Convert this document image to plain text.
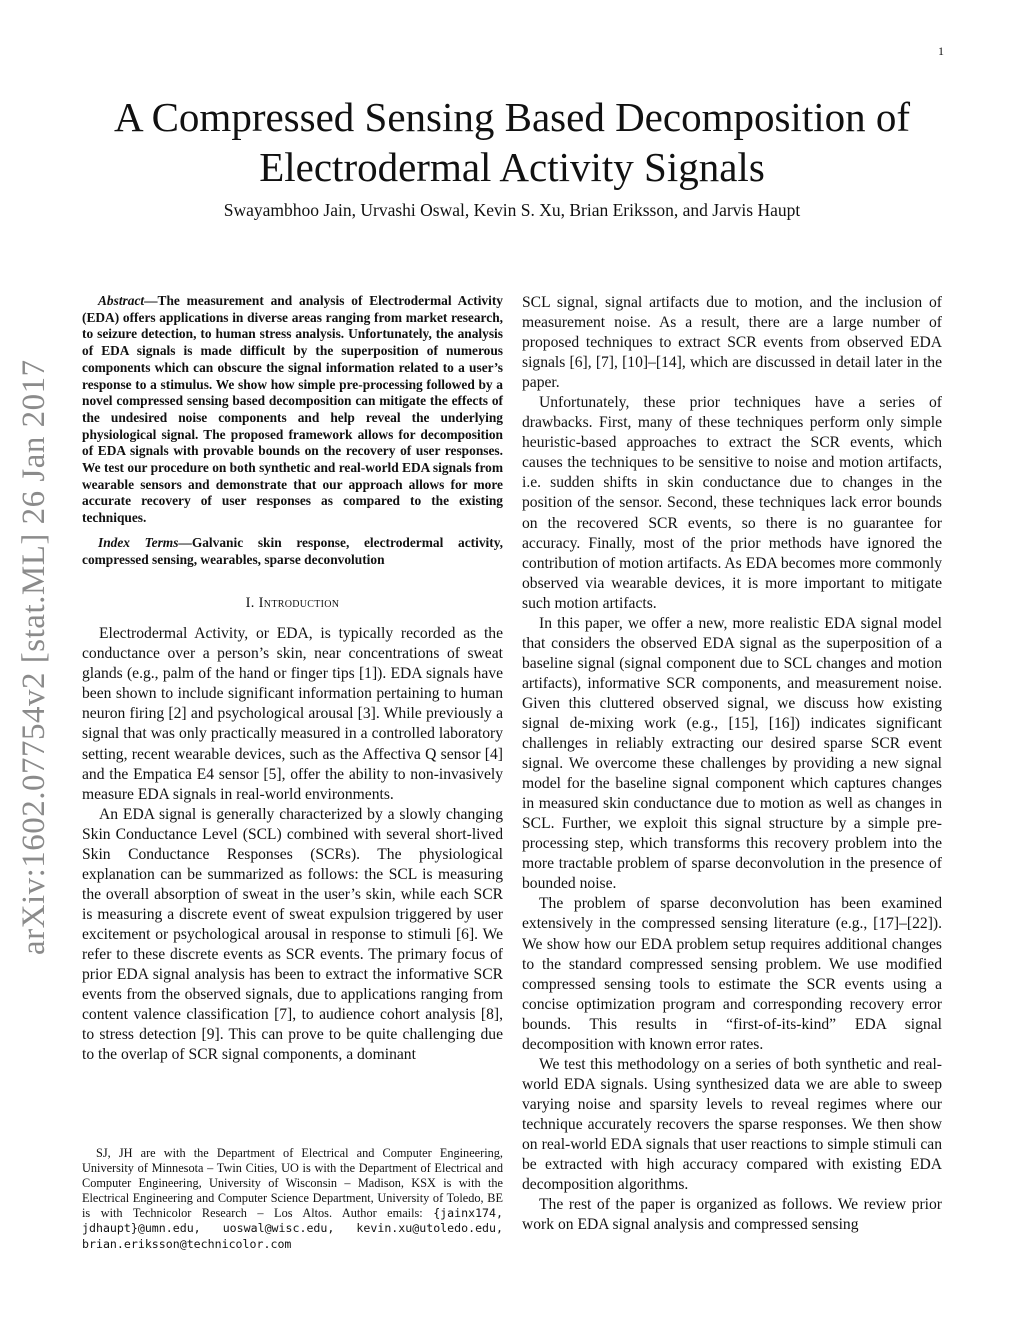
1
arXiv:1602.07754v2 [stat.ML] 26 Jan 2017
A Compressed Sensing Based Decomposition of Electrodermal Activity Signals
Swayambhoo Jain, Urvashi Oswal, Kevin S. Xu, Brian Eriksson, and Jarvis Haupt

Abstract—The measurement and analysis of Electrodermal Activity (EDA) offers applications in diverse areas ranging from market research, to seizure detection, to human stress analysis. Unfortunately, the analysis of EDA signals is made difficult by the superposition of numerous components which can obscure the signal information related to a user’s response to a stimulus. We show how simple pre-processing followed by a novel compressed sensing based decomposition can mitigate the effects of the undesired noise components and help reveal the underlying physiological signal. The proposed framework allows for decomposition of EDA signals with provable bounds on the recovery of user responses. We test our procedure on both synthetic and real-world EDA signals from wearable sensors and demonstrate that our approach allows for more accurate recovery of user responses as compared to the existing techniques.

Index Terms—Galvanic skin response, electrodermal activity, compressed sensing, wearables, sparse deconvolution

I. Introduction

Electrodermal Activity, or EDA, is typically recorded as the conductance over a person’s skin, near concentrations of sweat glands (e.g., palm of the hand or finger tips [1]). EDA signals have been shown to include significant information pertaining to human neuron firing [2] and psychological arousal [3]. While previously a signal that was only practically measured in a controlled laboratory setting, recent wearable devices, such as the Affectiva Q sensor [4] and the Empatica E4 sensor [5], offer the ability to non-invasively measure EDA signals in real-world environments.

An EDA signal is generally characterized by a slowly changing Skin Conductance Level (SCL) combined with several short-lived Skin Conductance Responses (SCRs). The physiological explanation can be summarized as follows: the SCL is measuring the overall absorption of sweat in the user’s skin, while each SCR is measuring a discrete event of sweat expulsion triggered by user excitement or psychological arousal in response to stimuli [6]. We refer to these discrete events as SCR events. The primary focus of prior EDA signal analysis has been to extract the informative SCR events from the observed signals, due to applications ranging from content valence classification [7], to audience cohort analysis [8], to stress detection [9]. This can prove to be quite challenging due to the overlap of SCR signal components, a dominant

SCL signal, signal artifacts due to motion, and the inclusion of measurement noise. As a result, there are a large number of proposed techniques to extract SCR events from observed EDA signals [6], [7], [10]–[14], which are discussed in detail later in the paper.

Unfortunately, these prior techniques have a series of drawbacks. First, many of these techniques perform only simple heuristic-based approaches to extract the SCR events, which causes the techniques to be sensitive to noise and motion artifacts, i.e. sudden shifts in skin conductance due to changes in the position of the sensor. Second, these techniques lack error bounds on the recovered SCR events, so there is no guarantee for accuracy. Finally, most of the prior methods have ignored the contribution of motion artifacts. As EDA becomes more commonly observed via wearable devices, it is more important to mitigate such motion artifacts.

In this paper, we offer a new, more realistic EDA signal model that considers the observed EDA signal as the superposition of a baseline signal (signal component due to SCL changes and motion artifacts), informative SCR components, and measurement noise. Given this cluttered observed signal, we discuss how existing signal de-mixing work (e.g., [15], [16]) indicates significant challenges in reliably extracting our desired sparse SCR event signal. We overcome these challenges by providing a new signal model for the baseline signal component which captures changes in measured skin conductance due to motion as well as changes in SCL. Further, we exploit this signal structure by a simple pre-processing step, which transforms this recovery problem into the more tractable problem of sparse deconvolution in the presence of bounded noise.

The problem of sparse deconvolution has been examined extensively in the compressed sensing literature (e.g., [17]–[22]). We show how our EDA problem setup requires additional changes to the standard compressed sensing problem. We use modified compressed sensing tools to estimate the SCR events using a concise optimization program and corresponding recovery error bounds. This results in “first-of-its-kind” EDA signal decomposition with known error rates.

We test this methodology on a series of both synthetic and real-world EDA signals. Using synthesized data we are able to sweep varying noise and sparsity levels to reveal regimes where our technique accurately recovers the sparse responses. We then show on real-world EDA signals that user reactions to simple stimuli can be extracted with high accuracy compared with existing EDA decomposition algorithms.

The rest of the paper is organized as follows. We review prior work on EDA signal analysis and compressed sensing

SJ, JH are with the Department of Electrical and Computer Engineering, University of Minnesota – Twin Cities, UO is with the Department of Electrical and Computer Engineering, University of Wisconsin – Madison, KSX is with the Electrical Engineering and Computer Science Department, University of Toledo, BE is with Technicolor Research – Los Altos. Author emails: {jainx174, jdhaupt}@umn.edu, uoswal@wisc.edu, kevin.xu@utoledo.edu, brian.eriksson@technicolor.com
